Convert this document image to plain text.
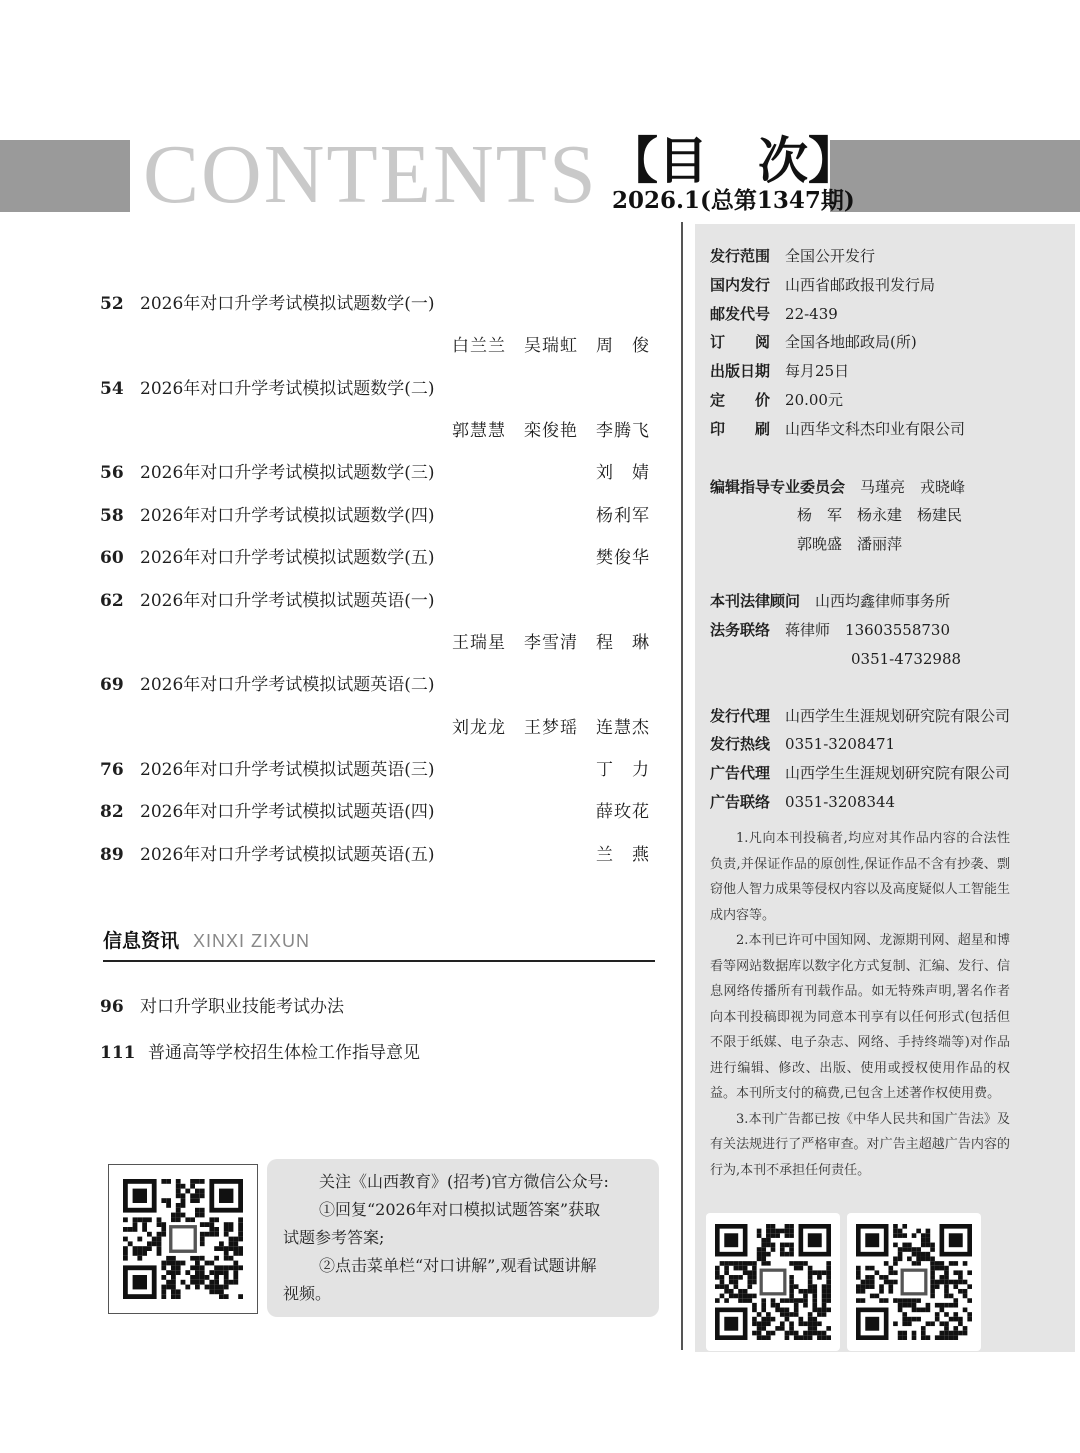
CONTENTS 【目　次】
2026.1(总第1347期)
52 2026年对口升学考试模拟试题数学(一)
白兰兰　吴瑞虹　周　俊
54 2026年对口升学考试模拟试题数学(二)
郭慧慧　栾俊艳　李腾飞
56 2026年对口升学考试模拟试题数学(三)	刘　婧
58 2026年对口升学考试模拟试题数学(四)	杨利军
60 2026年对口升学考试模拟试题数学(五)	樊俊华
62 2026年对口升学考试模拟试题英语(一)
王瑞星　李雪清　程　琳
69 2026年对口升学考试模拟试题英语(二)
刘龙龙　王梦瑶　连慧杰
76 2026年对口升学考试模拟试题英语(三)	丁　力
82 2026年对口升学考试模拟试题英语(四)	薛玫花
89 2026年对口升学考试模拟试题英语(五)	兰　燕
信息资讯 XINXI ZIXUN
96 对口升学职业技能考试办法
111 普通高等学校招生体检工作指导意见
关注《山西教育》(招考)官方微信公众号:
①回复“2026年对口模拟试题答案”获取
试题参考答案;
②点击菜单栏“对口讲解”,观看试题讲解
视频。
发行范围　 全国公开发行
国内发行　 山西省邮政报刊发行局
邮发代号　 22-439
订　　阅　 全国各地邮政局(所)
出版日期　 每月25日
定　　价　 20.00元
印　　刷　 山西华文科杰印业有限公司
编辑指导专业委员会　 马瑾亮　戎晓峰
杨　军　杨永建　杨建民
郭晚盛　潘丽萍
本刊法律顾问　 山西均鑫律师事务所
法务联络　 蒋律师　13603558730
0351-4732988
发行代理　 山西学生生涯规划研究院有限公司
发行热线　 0351-3208471
广告代理　 山西学生生涯规划研究院有限公司
广告联络　 0351-3208344

1.凡向本刊投稿者,均应对其作品内容的合法性负责,并保证作品的原创性,保证作品不含有抄袭、剽窃他人智力成果等侵权内容以及高度疑似人工智能生成内容等。

2.本刊已许可中国知网、龙源期刊网、超星和博看等网站数据库以数字化方式复制、汇编、发行、信息网络传播所有刊载作品。如无特殊声明,署名作者向本刊投稿即视为同意本刊享有以任何形式(包括但不限于纸媒、电子杂志、网络、手持终端等)对作品进行编辑、修改、出版、使用或授权使用作品的权益。本刊所支付的稿费,已包含上述著作权使用费。

3.本刊广告都已按《中华人民共和国广告法》及有关法规进行了严格审查。对广告主超越广告内容的行为,本刊不承担任何责任。
